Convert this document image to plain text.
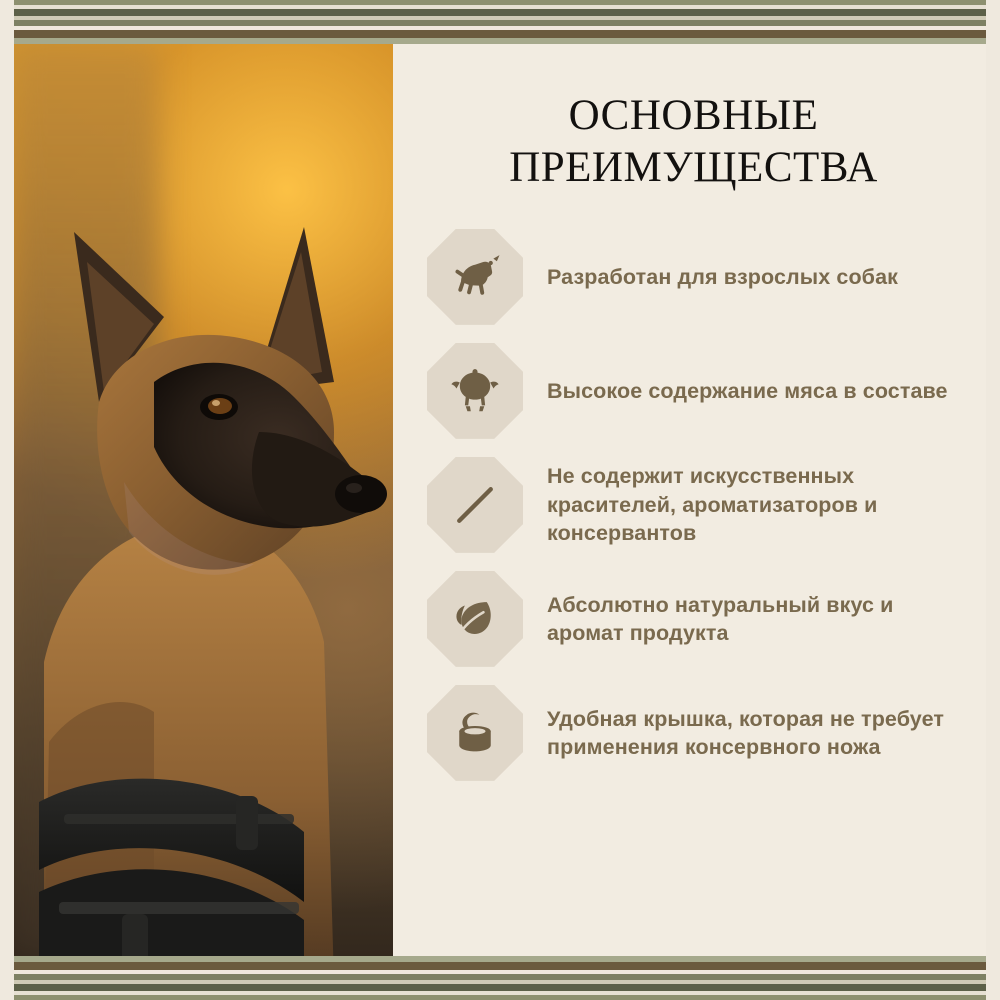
ОСНОВНЫЕ
ПРЕИМУЩЕСТВА
Разработан для взрослых собак
Высокое содержание мяса в составе
Не содержит искусственных красителей, ароматизаторов и консервантов
Абсолютно натуральный вкус и аромат продукта
Удобная крышка, которая не требует применения консервного ножа
